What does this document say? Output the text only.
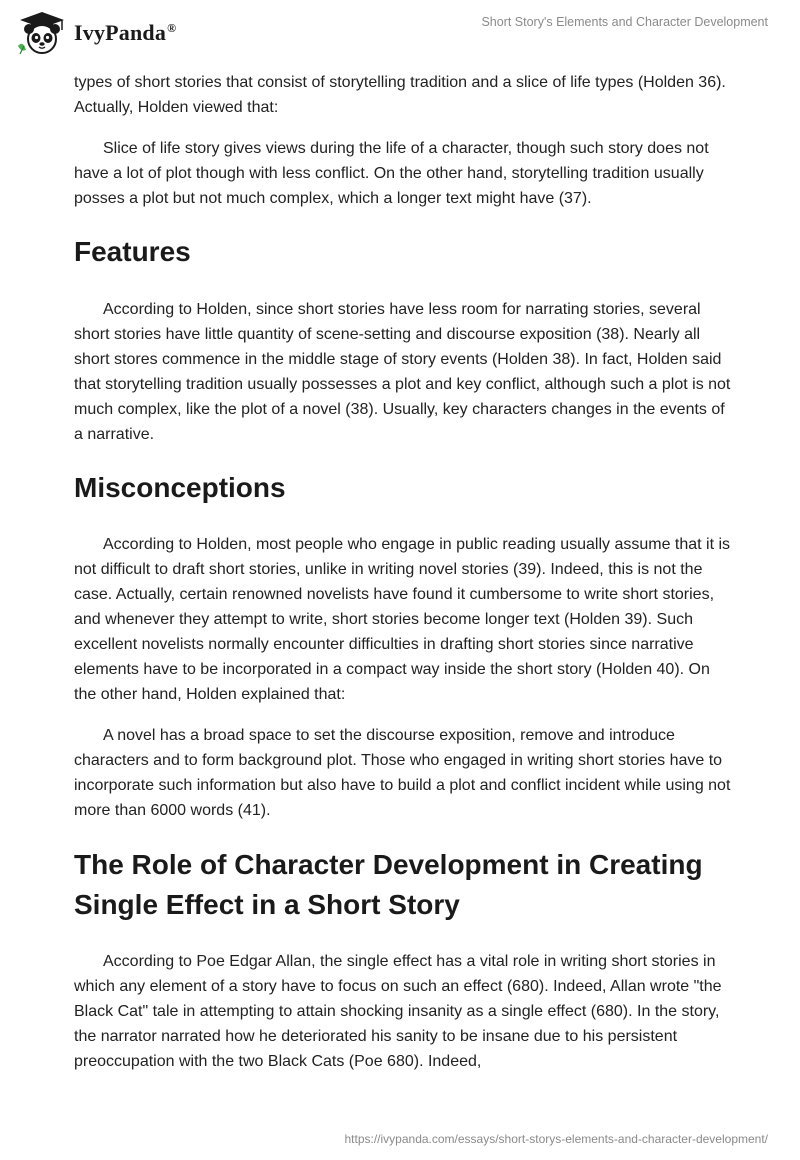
IvyPanda®	Short Story's Elements and Character Development

types of short stories that consist of storytelling tradition and a slice of life types (Holden 36). Actually, Holden viewed that:

Slice of life story gives views during the life of a character, though such story does not have a lot of plot though with less conflict. On the other hand, storytelling tradition usually posses a plot but not much complex, which a longer text might have (37).

Features

According to Holden, since short stories have less room for narrating stories, several short stories have little quantity of scene-setting and discourse exposition (38). Nearly all short stores commence in the middle stage of story events (Holden 38). In fact, Holden said that storytelling tradition usually possesses a plot and key conflict, although such a plot is not much complex, like the plot of a novel (38). Usually, key characters changes in the events of a narrative.

Misconceptions

According to Holden, most people who engage in public reading usually assume that it is not difficult to draft short stories, unlike in writing novel stories (39). Indeed, this is not the case. Actually, certain renowned novelists have found it cumbersome to write short stories, and whenever they attempt to write, short stories become longer text (Holden 39). Such excellent novelists normally encounter difficulties in drafting short stories since narrative elements have to be incorporated in a compact way inside the short story (Holden 40). On the other hand, Holden explained that:

A novel has a broad space to set the discourse exposition, remove and introduce characters and to form background plot. Those who engaged in writing short stories have to incorporate such information but also have to build a plot and conflict incident while using not more than 6000 words (41).

The Role of Character Development in Creating Single Effect in a Short Story

According to Poe Edgar Allan, the single effect has a vital role in writing short stories in which any element of a story have to focus on such an effect (680). Indeed, Allan wrote "the Black Cat" tale in attempting to attain shocking insanity as a single effect (680). In the story, the narrator narrated how he deteriorated his sanity to be insane due to his persistent preoccupation with the two Black Cats (Poe 680). Indeed,

https://ivypanda.com/essays/short-storys-elements-and-character-development/
